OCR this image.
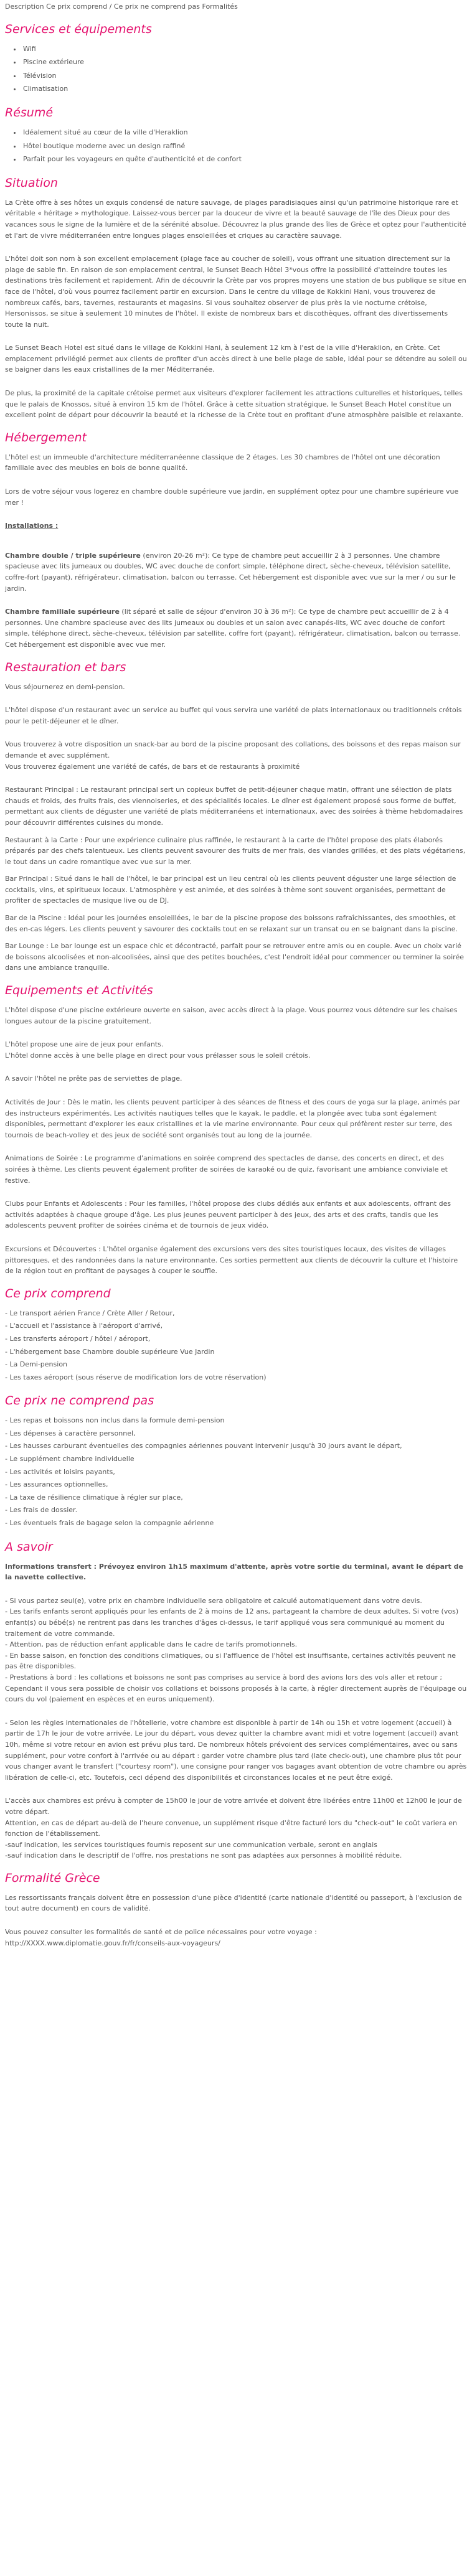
Description Ce prix comprend / Ce prix ne comprend pas Formalités
Services et équipements
• Wifi
• Piscine extérieure
• Télévision
• Climatisation
Résumé
• Idéalement situé au cœur de la ville d'Heraklion
• Hôtel boutique moderne avec un design raffiné
• Parfait pour les voyageurs en quête d'authenticité et de confort
Situation

La Crète offre à ses hôtes un exquis condensé de nature sauvage, de plages paradisiaques ainsi qu'un patrimoine historique rare et véritable « héritage » mythologique. Laissez-vous bercer par la douceur de vivre et la beauté sauvage de l'île des Dieux pour des vacances sous le signe de la lumière et de la sérénité absolue. Découvrez la plus grande des îles de Grèce et optez pour l'authenticité et l'art de vivre méditerranéen entre longues plages ensoleillées et criques au caractère sauvage.

L'hôtel doit son nom à son excellent emplacement (plage face au coucher de soleil), vous offrant une situation directement sur la plage de sable fin. En raison de son emplacement central, le Sunset Beach Hôtel 3*vous offre la possibilité d'atteindre toutes les destinations très facilement et rapidement. Afin de découvrir la Crète par vos propres moyens une station de bus publique se situe en face de l'hôtel, d'où vous pourrez facilement partir en excursion. Dans le centre du village de Kokkini Hani, vous trouverez de nombreux cafés, bars, tavernes, restaurants et magasins. Si vous souhaitez observer de plus près la vie nocturne crétoise, Hersonissos, se situe à seulement 10 minutes de l'hôtel. Il existe de nombreux bars et discothèques, offrant des divertissements toute la nuit.

Le Sunset Beach Hotel est situé dans le village de Kokkini Hani, à seulement 12 km à l'est de la ville d'Heraklion, en Crète. Cet emplacement privilégié permet aux clients de profiter d'un accès direct à une belle plage de sable, idéal pour se détendre au soleil ou se baigner dans les eaux cristallines de la mer Méditerranée.

De plus, la proximité de la capitale crétoise permet aux visiteurs d'explorer facilement les attractions culturelles et historiques, telles que le palais de Knossos, situé à environ 15 km de l'hôtel. Grâce à cette situation stratégique, le Sunset Beach Hotel constitue un excellent point de départ pour découvrir la beauté et la richesse de la Crète tout en profitant d'une atmosphère paisible et relaxante.

Hébergement

L'hôtel est un immeuble d'architecture méditerranéenne classique de 2 étages. Les 30 chambres de l'hôtel ont une décoration familiale avec des meubles en bois de bonne qualité.

Lors de votre séjour vous logerez en chambre double supérieure vue jardin, en supplément optez pour une chambre supérieure vue mer !

Installations :

Chambre double / triple supérieure (environ 20-26 m²): Ce type de chambre peut accueillir 2 à 3 personnes. Une chambre spacieuse avec lits jumeaux ou doubles, WC avec douche de confort simple, téléphone direct, sèche-cheveux, télévision satellite, coffre-fort (payant), réfrigérateur, climatisation, balcon ou terrasse. Cet hébergement est disponible avec vue sur la mer / ou sur le jardin.

Chambre familiale supérieure (lit séparé et salle de séjour d'environ 30 à 36 m²): Ce type de chambre peut accueillir de 2 à 4 personnes. Une chambre spacieuse avec des lits jumeaux ou doubles et un salon avec canapés-lits, WC avec douche de confort simple, téléphone direct, sèche-cheveux, télévision par satellite, coffre fort (payant), réfrigérateur, climatisation, balcon ou terrasse. Cet hébergement est disponible avec vue mer.

Restauration et bars

Vous séjournerez en demi-pension.

L'hôtel dispose d'un restaurant avec un service au buffet qui vous servira une variété de plats internationaux ou traditionnels crétois pour le petit-déjeuner et le dîner.

Vous trouverez à votre disposition un snack-bar au bord de la piscine proposant des collations, des boissons et des repas maison sur demande et avec supplément.
Vous trouverez également une variété de cafés, de bars et de restaurants à proximité

Restaurant Principal : Le restaurant principal sert un copieux buffet de petit-déjeuner chaque matin, offrant une sélection de plats chauds et froids, des fruits frais, des viennoiseries, et des spécialités locales. Le dîner est également proposé sous forme de buffet, permettant aux clients de déguster une variété de plats méditerranéens et internationaux, avec des soirées à thème hebdomadaires pour découvrir différentes cuisines du monde.

Restaurant à la Carte : Pour une expérience culinaire plus raffinée, le restaurant à la carte de l'hôtel propose des plats élaborés préparés par des chefs talentueux. Les clients peuvent savourer des fruits de mer frais, des viandes grillées, et des plats végétariens, le tout dans un cadre romantique avec vue sur la mer.

Bar Principal : Situé dans le hall de l'hôtel, le bar principal est un lieu central où les clients peuvent déguster une large sélection de cocktails, vins, et spiritueux locaux. L'atmosphère y est animée, et des soirées à thème sont souvent organisées, permettant de profiter de spectacles de musique live ou de DJ.

Bar de la Piscine : Idéal pour les journées ensoleillées, le bar de la piscine propose des boissons rafraîchissantes, des smoothies, et des en-cas légers. Les clients peuvent y savourer des cocktails tout en se relaxant sur un transat ou en se baignant dans la piscine.

Bar Lounge : Le bar lounge est un espace chic et décontracté, parfait pour se retrouver entre amis ou en couple. Avec un choix varié de boissons alcoolisées et non-alcoolisées, ainsi que des petites bouchées, c'est l'endroit idéal pour commencer ou terminer la soirée dans une ambiance tranquille.

Equipements et Activités

L'hôtel dispose d'une piscine extérieure ouverte en saison, avec accès direct à la plage. Vous pourrez vous détendre sur les chaises longues autour de la piscine gratuitement.

L'hôtel propose une aire de jeux pour enfants.
L'hôtel donne accès à une belle plage en direct pour vous prélasser sous le soleil crétois.

A savoir l'hôtel ne prête pas de serviettes de plage.

Activités de Jour : Dès le matin, les clients peuvent participer à des séances de fitness et des cours de yoga sur la plage, animés par des instructeurs expérimentés. Les activités nautiques telles que le kayak, le paddle, et la plongée avec tuba sont également disponibles, permettant d'explorer les eaux cristallines et la vie marine environnante. Pour ceux qui préfèrent rester sur terre, des tournois de beach-volley et des jeux de société sont organisés tout au long de la journée.

Animations de Soirée : Le programme d'animations en soirée comprend des spectacles de danse, des concerts en direct, et des soirées à thème. Les clients peuvent également profiter de soirées de karaoké ou de quiz, favorisant une ambiance conviviale et festive.

Clubs pour Enfants et Adolescents : Pour les familles, l'hôtel propose des clubs dédiés aux enfants et aux adolescents, offrant des activités adaptées à chaque groupe d'âge. Les plus jeunes peuvent participer à des jeux, des arts et des crafts, tandis que les adolescents peuvent profiter de soirées cinéma et de tournois de jeux vidéo.

Excursions et Découvertes : L'hôtel organise également des excursions vers des sites touristiques locaux, des visites de villages pittoresques, et des randonnées dans la nature environnante. Ces sorties permettent aux clients de découvrir la culture et l'histoire de la région tout en profitant de paysages à couper le souffle.

Ce prix comprend
- Le transport aérien France / Crète Aller / Retour,
- L'accueil et l'assistance à l'aéroport d'arrivé,
- Les transferts aéroport / hôtel / aéroport,
- L'hébergement base Chambre double supérieure Vue Jardin
- La Demi-pension
- Les taxes aéroport (sous réserve de modification lors de votre réservation)
Ce prix ne comprend pas
- Les repas et boissons non inclus dans la formule demi-pension
- Les dépenses à caractère personnel,
- Les hausses carburant éventuelles des compagnies aériennes pouvant intervenir jusqu'à 30 jours avant le départ,
- Le supplément chambre individuelle
- Les activités et loisirs payants,
- Les assurances optionnelles,
- La taxe de résilience climatique à régler sur place,
- Les frais de dossier.
- Les éventuels frais de bagage selon la compagnie aérienne
A savoir

Informations transfert : Prévoyez environ 1h15 maximum d'attente, après votre sortie du terminal, avant le départ de la navette collective.

- Si vous partez seul(e), votre prix en chambre individuelle sera obligatoire et calculé automatiquement dans votre devis.
- Les tarifs enfants seront appliqués pour les enfants de 2 à moins de 12 ans, partageant la chambre de deux adultes. Si votre (vos) enfant(s) ou bébé(s) ne rentrent pas dans les tranches d'âges ci-dessus, le tarif appliqué vous sera communiqué au moment du traitement de votre commande.
- Attention, pas de réduction enfant applicable dans le cadre de tarifs promotionnels.
- En basse saison, en fonction des conditions climatiques, ou si l'affluence de l'hôtel est insuffisante, certaines activités peuvent ne pas être disponibles.
- Prestations à bord : les collations et boissons ne sont pas comprises au service à bord des avions lors des vols aller et retour ; Cependant il vous sera possible de choisir vos collations et boissons proposés à la carte, à régler directement auprès de l'équipage ou cours du vol (paiement en espèces et en euros uniquement).

- Selon les règles internationales de l'hôtellerie, votre chambre est disponible à partir de 14h ou 15h et votre logement (accueil) à partir de 17h le jour de votre arrivée. Le jour du départ, vous devez quitter la chambre avant midi et votre logement (accueil) avant 10h, même si votre retour en avion est prévu plus tard. De nombreux hôtels prévoient des services complémentaires, avec ou sans supplément, pour votre confort à l'arrivée ou au départ : garder votre chambre plus tard (late check-out), une chambre plus tôt pour vous changer avant le transfert ("courtesy room"), une consigne pour ranger vos bagages avant obtention de votre chambre ou après libération de celle-ci, etc. Toutefois, ceci dépend des disponibilités et circonstances locales et ne peut être exigé.

L'accès aux chambres est prévu à compter de 15h00 le jour de votre arrivée et doivent être libérées entre 11h00 et 12h00 le jour de votre départ.
Attention, en cas de départ au-delà de l'heure convenue, un supplément risque d'être facturé lors du "check-out" le coût variera en fonction de l'établissement.
-sauf indication, les services touristiques fournis reposent sur une communication verbale, seront en anglais
-sauf indication dans le descriptif de l'offre, nos prestations ne sont pas adaptées aux personnes à mobilité réduite.

Formalité Grèce

Les ressortissants français doivent être en possession d'une pièce d'identité (carte nationale d'identité ou passeport, à l'exclusion de tout autre document) en cours de validité.

Vous pouvez consulter les formalités de santé et de police nécessaires pour votre voyage :
http://XXXX.www.diplomatie.gouv.fr/fr/conseils-aux-voyageurs/
